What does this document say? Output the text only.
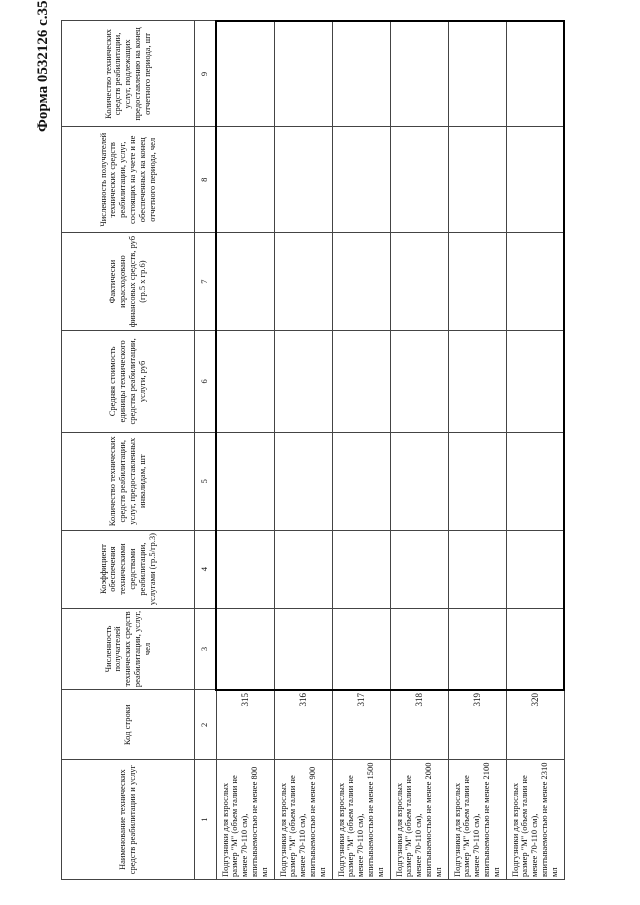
Форма 0532126 с.35
Наименование технических средств реабилитации и услуг	Код строки	Численность получателей технических средств реабилитации, услуг, чел	Коэффициент обеспечения техническими средствами реабилитации, услугами (гр.5/гр.3)	Количество технических средств реабилитации, услуг, предоставленных инвалидам, шт	Средняя стоимость единицы технического средства реабилитации, услуги, руб	Фактически израсходовано финансовых средств, руб (гр.5 х гр.6)	Численность получателей технических средств реабилитации, услуг, состоящих на учете и не обеспеченных на конец отчетного периода, чел	Количество технических средств реабилитации, услуг, подлежащих предоставлению на конец отчетного периода, шт
1	2	3	4	5	6	7	8	9
Подгузники для взрослых размер "М" (объем талии не менее 70-110 см), впитываемостью не менее 800 мл	315							
Подгузники для взрослых размер "М" (объем талии не менее 70-110 см), впитываемостью не менее 900 мл	316							
Подгузники для взрослых размер "М" (объем талии не менее 70-110 см), впитываемостью не менее 1500 мл	317							
Подгузники для взрослых размер "М" (объем талии не менее 70-110 см), впитываемостью не менее 2000 мл	318							
Подгузники для взрослых размер "М" (объем талии не менее 70-110 см), впитываемостью не менее 2100 мл	319							
Подгузники для взрослых размер "М" (объем талии не менее 70-110 см), впитываемостью не менее 2310 мл	320							
